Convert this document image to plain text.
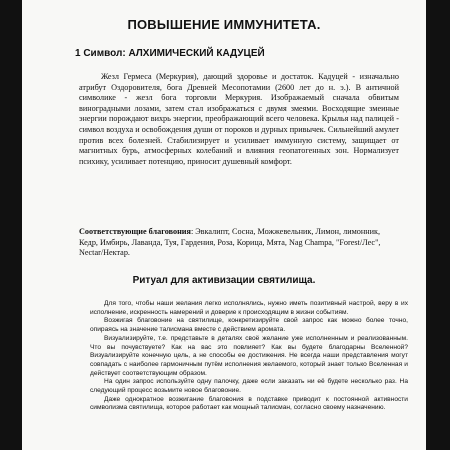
ПОВЫШЕНИЕ ИММУНИТЕТА.
1 Символ: АЛХИМИЧЕСКИЙ КАДУЦЕЙ
Жезл Гермеса (Меркурия), дающий здоровье и достаток. Кадуцей - изначально атрибут Оздоровителя, бога Древней Месопотамии (2600 лет до н. э.). В античной символике - жезл бога торговли Меркурия. Изображаемый сначала обвитым виноградными лозами, затем стал изображаться с двумя змеями. Восходящие змеиные энергии порождают вихрь энергии, преображающий всего человека. Крылья над палицей - символ воздуха и освобождения души от пороков и дурных привычек. Сильнейший амулет против всех болезней. Стабилизирует и усиливает иммунную систему, защищает от магнитных бурь, атмосферных колебаний и влияния геопатогенных зон. Нормализует психику, усиливает потенцию, приносит душевный комфорт.
Соответствующие благовония: Эвкалипт, Сосна, Можжевельник, Лимон, лимонник, Кедр, Имбирь, Лаванда, Туя, Гардения, Роза, Корица, Мята, Nag Champa, "Forest/Лес", Nectar/Нектар.
Ритуал для активизации святилища.

Для того, чтобы наши желания легко исполнялись, нужно иметь позитивный настрой, веру в их исполнение, искренность намерений и доверие к происходящим в жизни событиям.

Возжигая благовоние на святилище, конкретизируйте свой запрос как можно более точно, опираясь на значение талисмана вместе с действием аромата.

Визуализируйте, т.е. представьте в деталях своё желание уже исполненным и реализованным. Что вы почувствуете? Как на вас это повлияет? Как вы будете благодарны Вселенной? Визуализируйте конечную цель, а не способы ее достижения. Не всегда наши представления могут совпадать с наиболее гармоничным путём исполнения желаемого, который знает только Вселенная и действует соответствующим образом.

На один запрос используйте одну палочку, даже если заказать ни её будете несколько раз. На следующий процесс возьмите новое благовоние.

Даже однократное возжигание благовония в подставке приводит к постоянной активности символизма святилища, которое работает как мощный талисман, согласно своему назначению.
